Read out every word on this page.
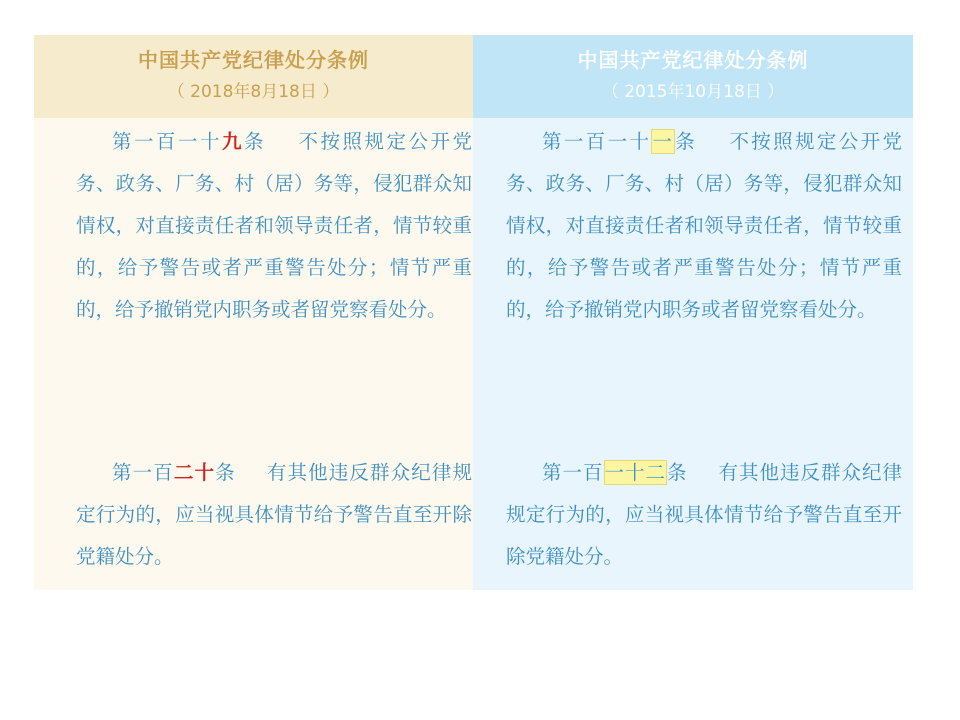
中国共产党纪律处分条例
（ 2018年8月18日 ）
第一百一十九条 不按照规定公开党务、政务、厂务、村（居）务等，侵犯群众知情权，对直接责任者和领导责任者，情节较重的，给予警告或者严重警告处分；情节严重的，给予撤销党内职务或者留党察看处分。
第一百二十条 有其他违反群众纪律规定行为的，应当视具体情节给予警告直至开除党籍处分。
中国共产党纪律处分条例
（ 2015年10月18日 ）
第一百一十一条 不按照规定公开党务、政务、厂务、村（居）务等，侵犯群众知情权，对直接责任者和领导责任者，情节较重的，给予警告或者严重警告处分；情节严重的，给予撤销党内职务或者留党察看处分。
第一百一十二条 有其他违反群众纪律规定行为的，应当视具体情节给予警告直至开除党籍处分。
